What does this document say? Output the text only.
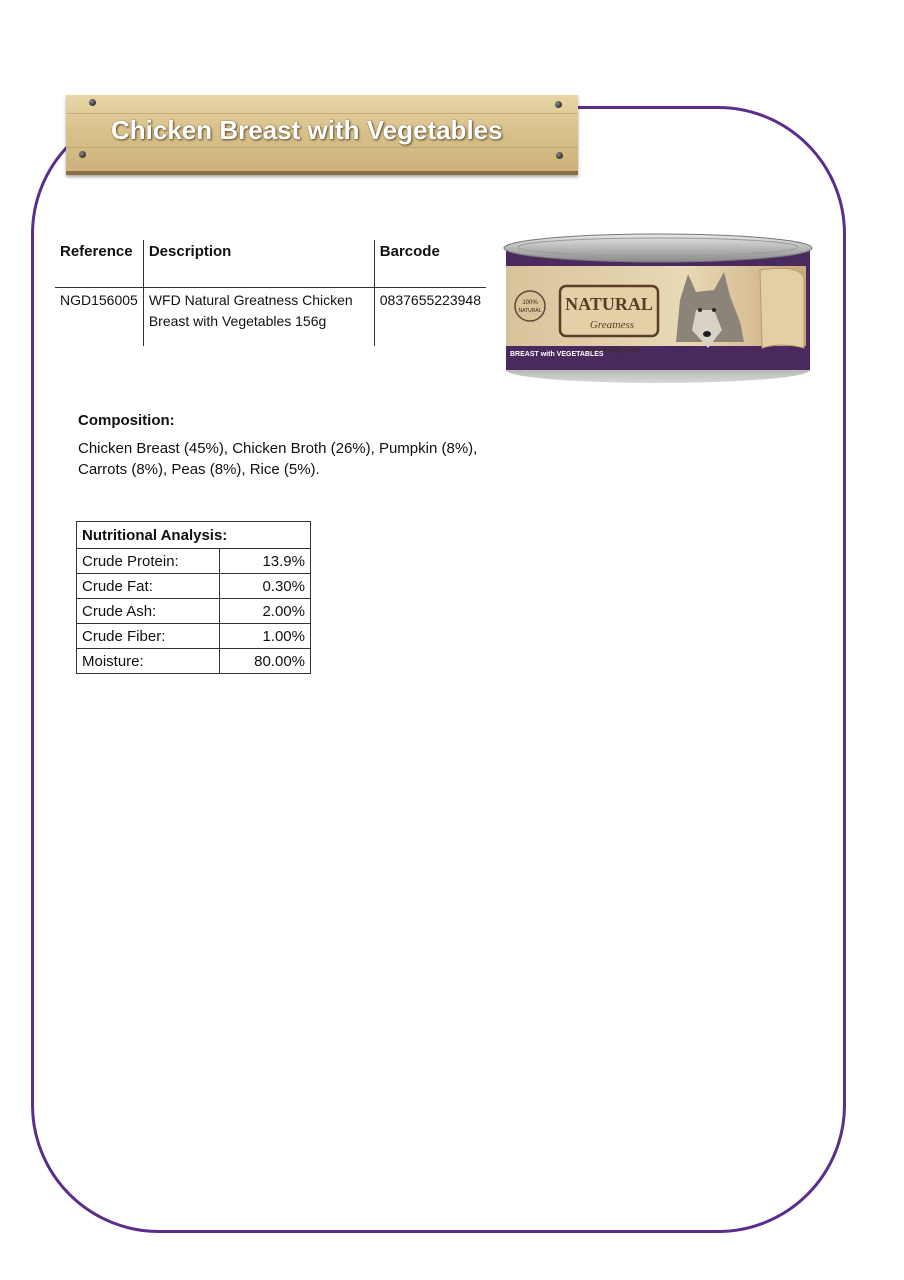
Chicken Breast with Vegetables
Reference	Description	Barcode
NGD156005	WFD Natural Greatness Chicken
Breast with Vegetables 156g	0837655223948	100%
NATURAL NATURAL
Greatness
Natural Dog Food
BREAST with VEGETABLES
Composition:
Chicken Breast (45%), Chicken Broth (26%), Pumpkin (8%),
Carrots (8%), Peas (8%), Rice (5%).
Nutritional Analysis:	
Crude Protein:	13.9%
Crude Fat:	0.30%
Crude Ash:	2.00%
Crude Fiber:	1.00%
Moisture:	80.00%
